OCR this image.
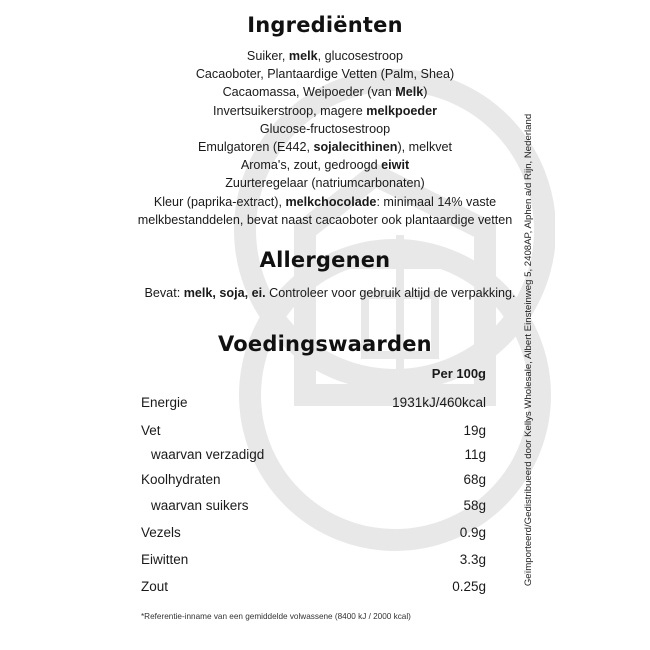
Ingrediënten
Suiker, melk, glucosestroop
Cacaoboter, Plantaardige Vetten (Palm, Shea)
Cacaomassa, Weipoeder (van Melk)
Invertsuikerstroop, magere melkpoeder
Glucose-fructosestroop
Emulgatoren (E442, sojalecithinen), melkvet
Aroma's, zout, gedroogd eiwit
Zuurteregelaar (natriumcarbonaten)
Kleur (paprika-extract), melkchocolade: minimaal 14% vaste melkbestanddelen, bevat naast cacaoboter ook plantaardige vetten
Allergenen
Bevat: melk, soja, ei. Controleer voor gebruik altijd de verpakking.
Voedingswaarden
Per 100g
Energie	1931kJ/460kcal
Vet	19g
waarvan verzadigd	11g
Koolhydraten	68g
waarvan suikers	58g
Vezels	0.9g
Eiwitten	3.3g
Zout	0.25g
*Referentie-inname van een gemiddelde volwassene (8400 kJ / 2000 kcal)
Geïmporteerd/Gedistribueerd door Kellys Wholesale, Albert Einsteinweg 5, 2408AP, Alphen a/d Rijn, Nederland
